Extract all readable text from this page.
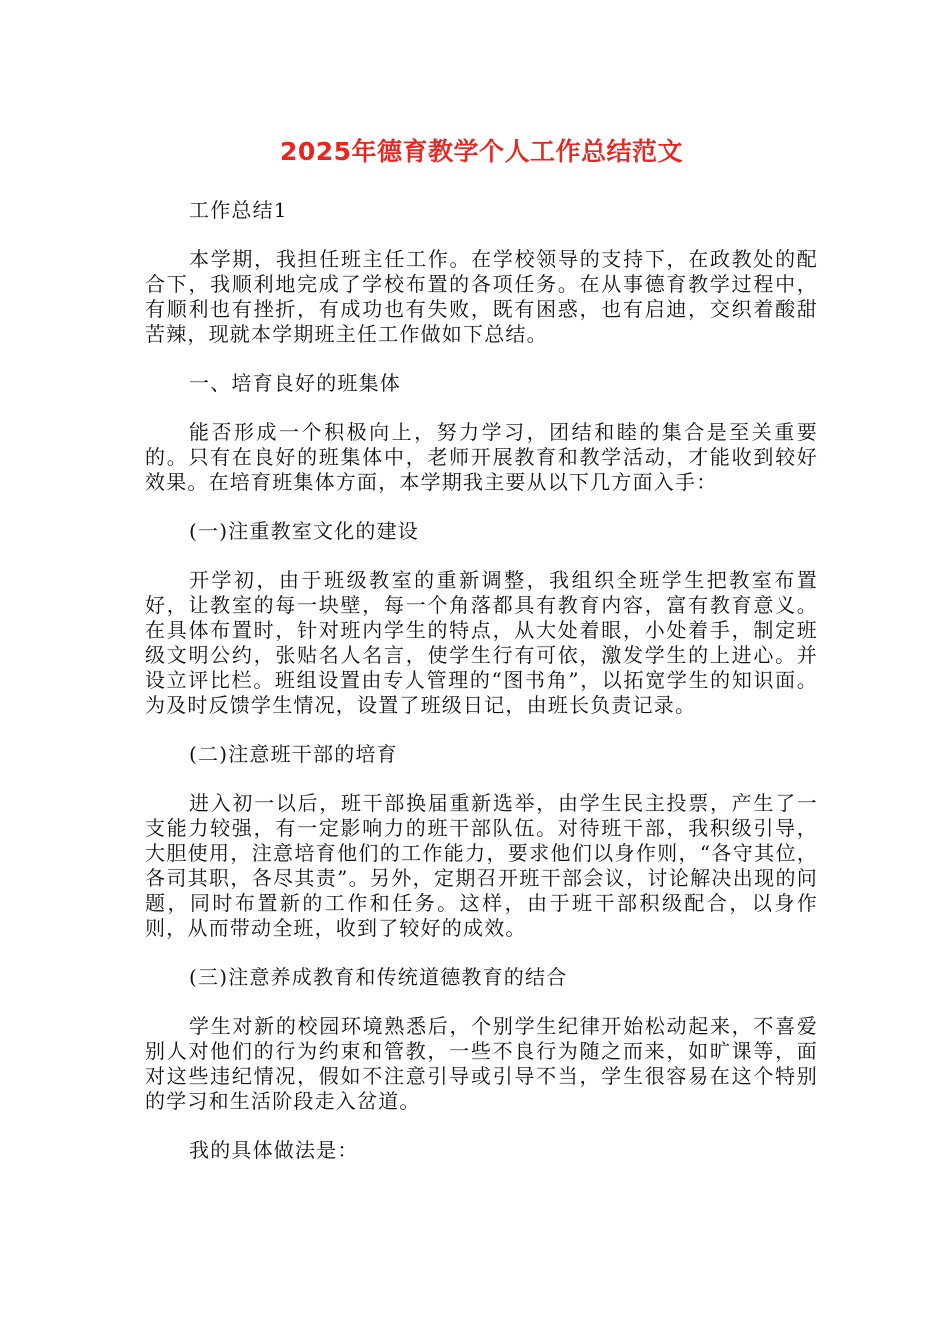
2025年德育教学个人工作总结范文

工作总结1

本学期，我担任班主任工作。在学校领导的支持下，在政教处的配合下，我顺利地完成了学校布置的各项任务。在从事德育教学过程中，有顺利也有挫折，有成功也有失败，既有困惑，也有启迪，交织着酸甜苦辣，现就本学期班主任工作做如下总结。

一、培育良好的班集体

能否形成一个积极向上，努力学习，团结和睦的集合是至关重要的。只有在良好的班集体中，老师开展教育和教学活动，才能收到较好效果。在培育班集体方面，本学期我主要从以下几方面入手：

(一)注重教室文化的建设

开学初，由于班级教室的重新调整，我组织全班学生把教室布置好，让教室的每一块壁，每一个角落都具有教育内容，富有教育意义。在具体布置时，针对班内学生的特点，从大处着眼，小处着手，制定班级文明公约，张贴名人名言，使学生行有可依，激发学生的上进心。并设立评比栏。班组设置由专人管理的“图书角”，以拓宽学生的知识面。为及时反馈学生情况，设置了班级日记，由班长负责记录。

(二)注意班干部的培育

进入初一以后，班干部换届重新选举，由学生民主投票，产生了一支能力较强，有一定影响力的班干部队伍。对待班干部，我积级引导，大胆使用，注意培育他们的工作能力，要求他们以身作则，“各守其位，各司其职，各尽其责”。另外，定期召开班干部会议，讨论解决出现的问题，同时布置新的工作和任务。这样，由于班干部积级配合，以身作则，从而带动全班，收到了较好的成效。

(三)注意养成教育和传统道德教育的结合

学生对新的校园环境熟悉后，个别学生纪律开始松动起来，不喜爱别人对他们的行为约束和管教，一些不良行为随之而来，如旷课等，面对这些违纪情况，假如不注意引导或引导不当，学生很容易在这个特别的学习和生活阶段走入岔道。

我的具体做法是：
